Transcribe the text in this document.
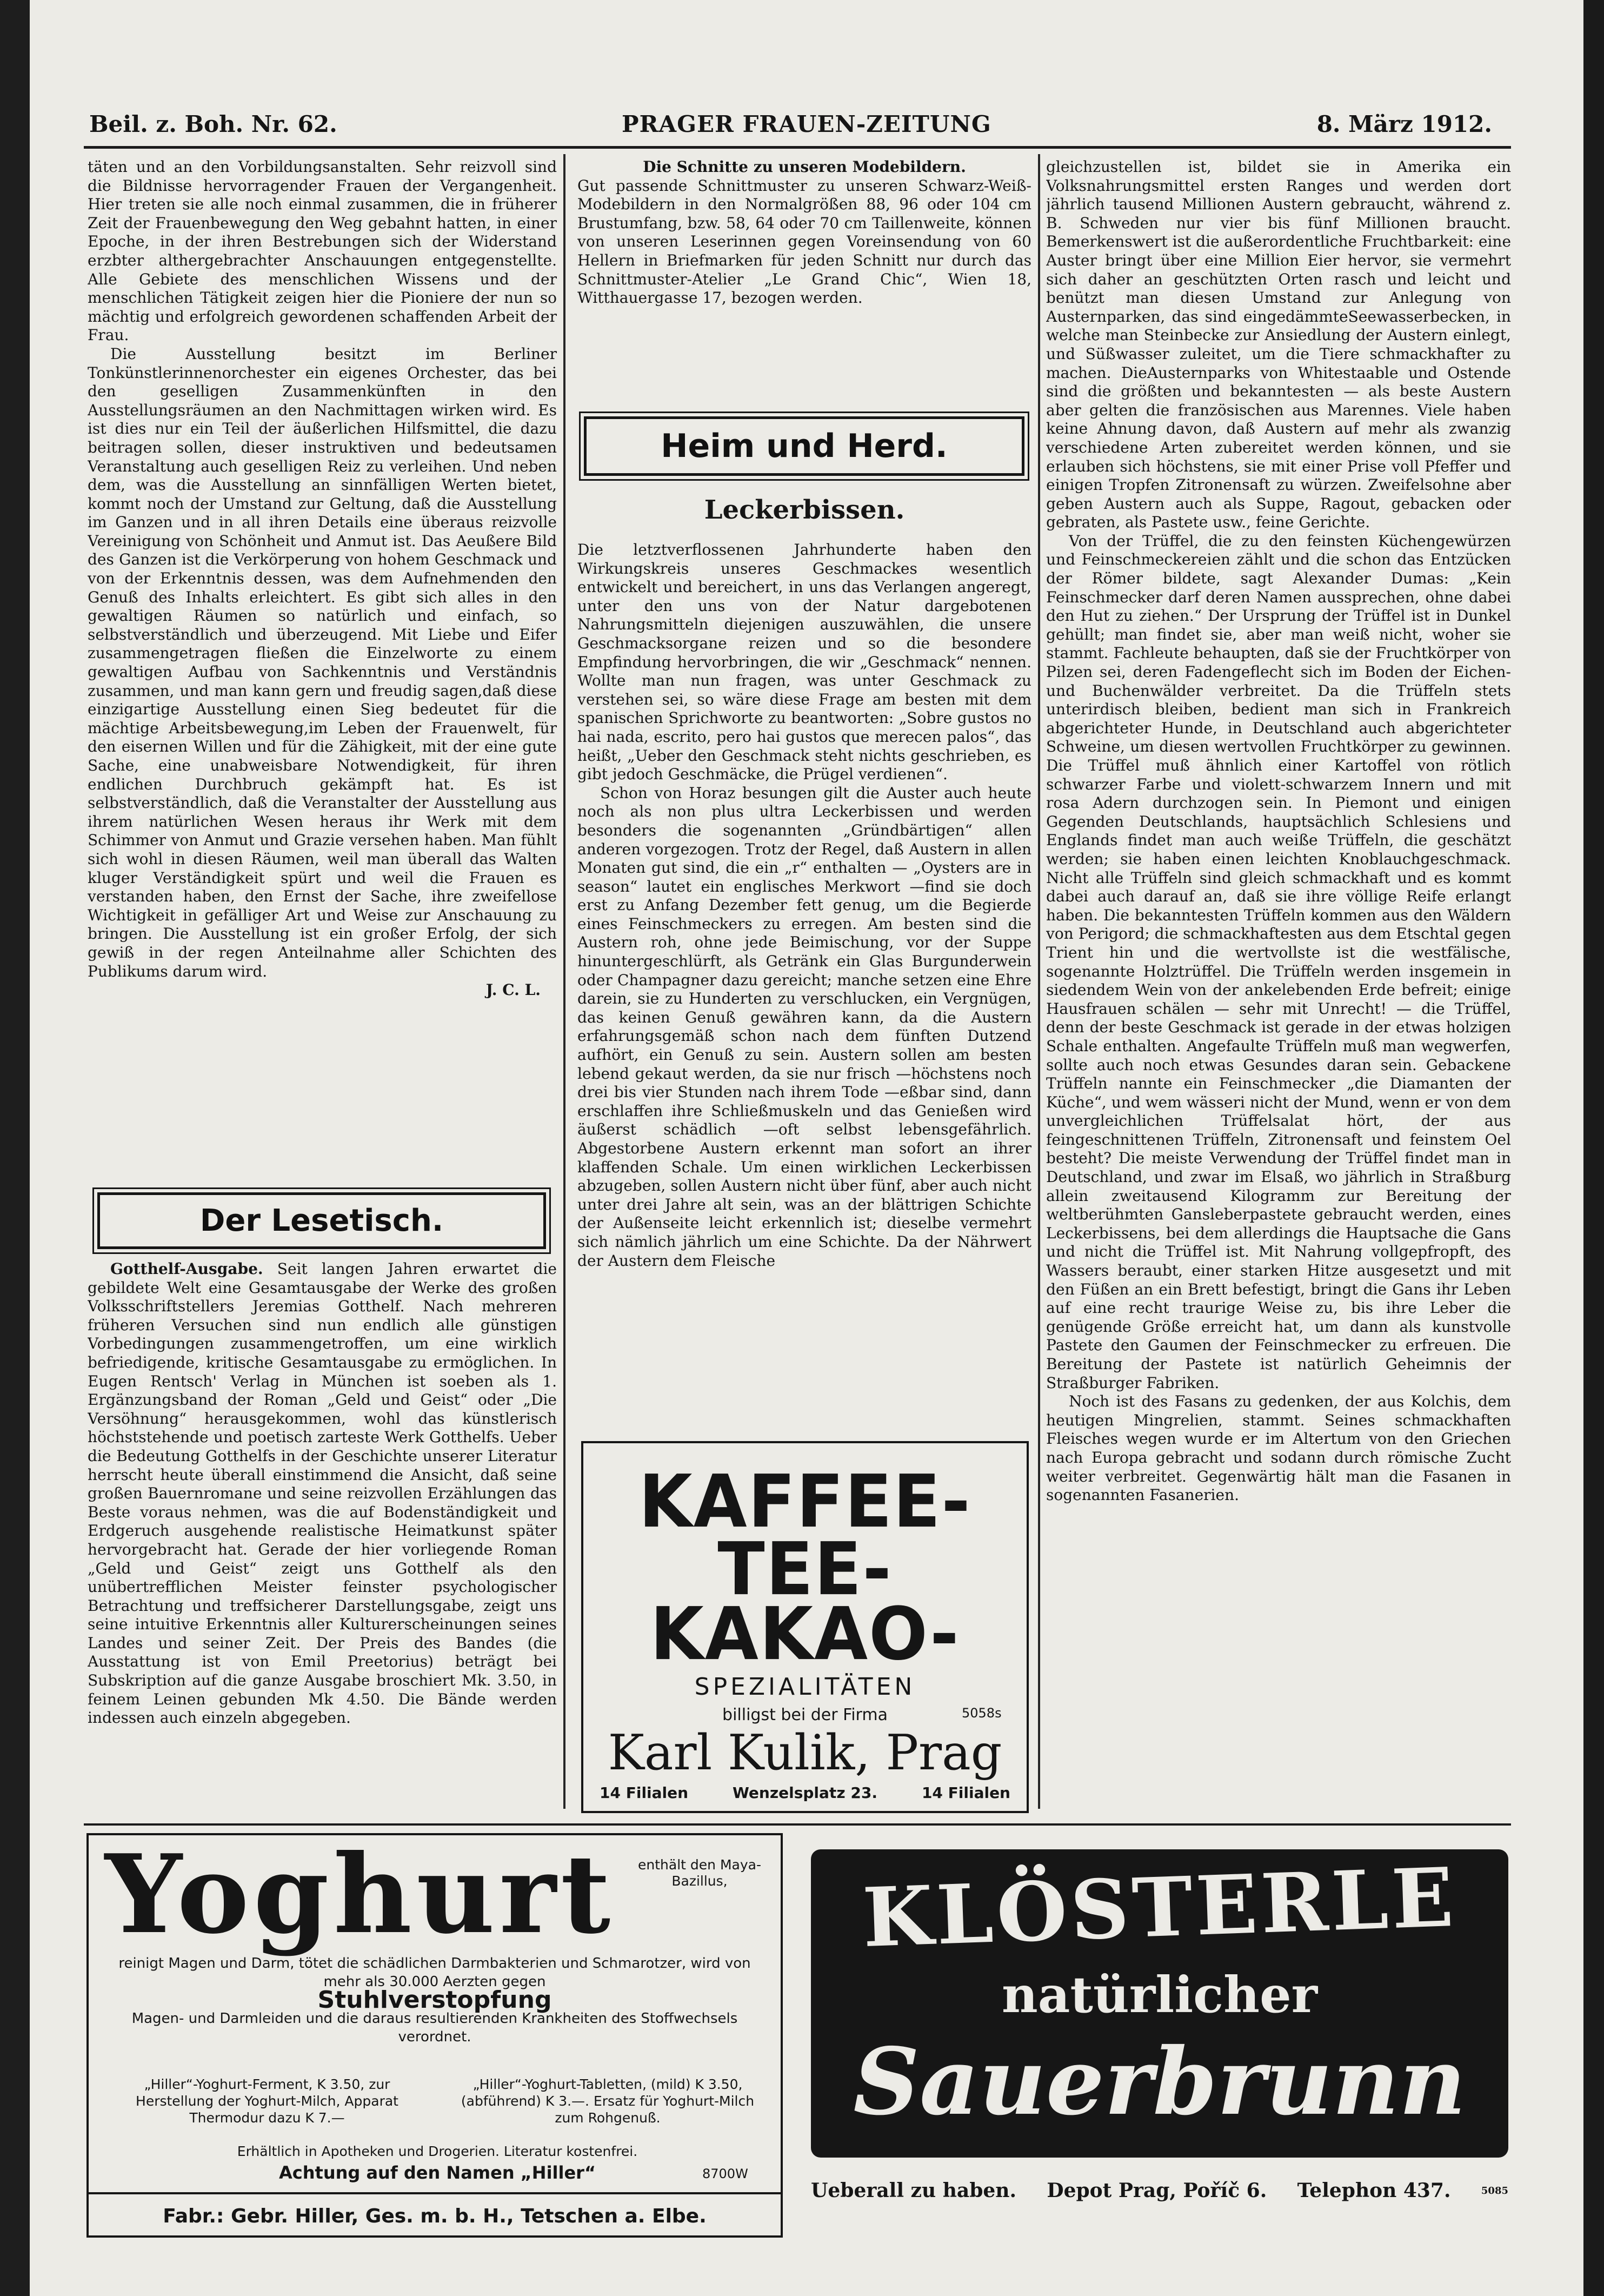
Beil. z. Boh. Nr. 62.	PRAGER FRAUEN-ZEITUNG	8. März 1912.

täten und an den Vorbildungsanstalten. Sehr reizvoll sind die Bildnisse hervorragender Frauen der Vergangenheit. Hier treten sie alle noch einmal zusammen, die in früherer Zeit der Frauenbewegung den Weg gebahnt hatten, in einer Epoche, in der ihren Bestrebungen sich der Widerstand erzbter althergebrachter Anschauungen entgegenstellte. Alle Gebiete des menschlichen Wissens und der menschlichen Tätigkeit zeigen hier die Pioniere der nun so mächtig und erfolgreich gewordenen schaffenden Arbeit der Frau.

Die Ausstellung besitzt im Berliner Tonkünstlerinnenorchester ein eigenes Orchester, das bei den geselligen Zusammenkünften in den Ausstellungsräumen an den Nachmittagen wirken wird. Es ist dies nur ein Teil der äußerlichen Hilfsmittel, die dazu beitragen sollen, dieser instruktiven und bedeutsamen Veranstaltung auch geselligen Reiz zu verleihen. Und neben dem, was die Ausstellung an sinnfälligen Werten bietet, kommt noch der Umstand zur Geltung, daß die Ausstellung im Ganzen und in all ihren Details eine überaus reizvolle Vereinigung von Schönheit und Anmut ist. Das Aeußere Bild des Ganzen ist die Verkörperung von hohem Geschmack und von der Erkenntnis dessen, was dem Aufnehmenden den Genuß des Inhalts erleichtert. Es gibt sich alles in den gewaltigen Räumen so natürlich und einfach, so selbstverständlich und überzeugend. Mit Liebe und Eifer zusammengetragen fließen die Einzelworte zu einem gewaltigen Aufbau von Sachkenntnis und Verständnis zusammen, und man kann gern und freudig sagen,daß diese einzigartige Ausstellung einen Sieg bedeutet für die mächtige Arbeitsbewegung,im Leben der Frauenwelt, für den eisernen Willen und für die Zähigkeit, mit der eine gute Sache, eine unabweisbare Notwendigkeit, für ihren endlichen Durchbruch gekämpft hat. Es ist selbstverständlich, daß die Veranstalter der Ausstellung aus ihrem natürlichen Wesen heraus ihr Werk mit dem Schimmer von Anmut und Grazie versehen haben. Man fühlt sich wohl in diesen Räumen, weil man überall das Walten kluger Verständigkeit spürt und weil die Frauen es verstanden haben, den Ernst der Sache, ihre zweifellose Wichtigkeit in gefälliger Art und Weise zur Anschauung zu bringen. Die Ausstellung ist ein großer Erfolg, der sich gewiß in der regen Anteilnahme aller Schichten des Publikums darum wird.

J. C. L.
Der Lesetisch.

Gotthelf-Ausgabe. Seit langen Jahren erwartet die gebildete Welt eine Gesamtausgabe der Werke des großen Volksschriftstellers Jeremias Gotthelf. Nach mehreren früheren Versuchen sind nun endlich alle günstigen Vorbedingungen zusammengetroffen, um eine wirklich befriedigende, kritische Gesamtausgabe zu ermöglichen. In Eugen Rentsch' Verlag in München ist soeben als 1. Ergänzungsband der Roman „Geld und Geist“ oder „Die Versöhnung“ herausgekommen, wohl das künstlerisch höchststehende und poetisch zarteste Werk Gotthelfs. Ueber die Bedeutung Gotthelfs in der Geschichte unserer Literatur herrscht heute überall einstimmend die Ansicht, daß seine großen Bauernromane und seine reizvollen Erzählungen das Beste voraus nehmen, was die auf Bodenständigkeit und Erdgeruch ausgehende realistische Heimatkunst später hervorgebracht hat. Gerade der hier vorliegende Roman „Geld und Geist“ zeigt uns Gotthelf als den unübertrefflichen Meister feinster psychologischer Betrachtung und treffsicherer Darstellungsgabe, zeigt uns seine intuitive Erkenntnis aller Kulturerscheinungen seines Landes und seiner Zeit. Der Preis des Bandes (die Ausstattung ist von Emil Preetorius) beträgt bei Subskription auf die ganze Ausgabe broschiert Mk. 3.50, in feinem Leinen gebunden Mk 4.50. Die Bände werden indessen auch einzeln abgegeben.

Die Schnitte zu unseren Modebildern.

Gut passende Schnittmuster zu unseren Schwarz-Weiß-Modebildern in den Normalgrößen 88, 96 oder 104 cm Brustumfang, bzw. 58, 64 oder 70 cm Taillenweite, können von unseren Leserinnen gegen Voreinsendung von 60 Hellern in Briefmarken für jeden Schnitt nur durch das Schnittmuster-Atelier „Le Grand Chic“, Wien 18, Witthauergasse 17, bezogen werden.

Heim und Herd.
Leckerbissen.

Die letztverflossenen Jahrhunderte haben den Wirkungskreis unseres Geschmackes wesentlich entwickelt und bereichert, in uns das Verlangen angeregt, unter den uns von der Natur dargebotenen Nahrungsmitteln diejenigen auszuwählen, die unsere Geschmacksorgane reizen und so die besondere Empfindung hervorbringen, die wir „Geschmack“ nennen. Wollte man nun fragen, was unter Geschmack zu verstehen sei, so wäre diese Frage am besten mit dem spanischen Sprichworte zu beantworten: „Sobre gustos no hai nada, escrito, pero hai gustos que merecen palos“, das heißt, „Ueber den Geschmack steht nichts geschrieben, es gibt jedoch Geschmäcke, die Prügel verdienen“.

Schon von Horaz besungen gilt die Auster auch heute noch als non plus ultra Leckerbissen und werden besonders die sogenannten „Gründbärtigen“ allen anderen vorgezogen. Trotz der Regel, daß Austern in allen Monaten gut sind, die ein „r“ enthalten — „Oysters are in season“ lautet ein englisches Merkwort —find sie doch erst zu Anfang Dezember fett genug, um die Begierde eines Feinschmeckers zu erregen. Am besten sind die Austern roh, ohne jede Beimischung, vor der Suppe hinuntergeschlürft, als Getränk ein Glas Burgunderwein oder Champagner dazu gereicht; manche setzen eine Ehre darein, sie zu Hunderten zu verschlucken, ein Vergnügen, das keinen Genuß gewähren kann, da die Austern erfahrungsgemäß schon nach dem fünften Dutzend aufhört, ein Genuß zu sein. Austern sollen am besten lebend gekaut werden, da sie nur frisch —höchstens noch drei bis vier Stunden nach ihrem Tode —eßbar sind, dann erschlaffen ihre Schließmuskeln und das Genießen wird äußerst schädlich —oft selbst lebensgefährlich. Abgestorbene Austern erkennt man sofort an ihrer klaffenden Schale. Um einen wirklichen Leckerbissen abzugeben, sollen Austern nicht über fünf, aber auch nicht unter drei Jahre alt sein, was an der blättrigen Schichte der Außenseite leicht erkennlich ist; dieselbe vermehrt sich nämlich jährlich um eine Schichte. Da der Nährwert der Austern dem Fleische

gleichzustellen ist, bildet sie in Amerika ein Volksnahrungsmittel ersten Ranges und werden dort jährlich tausend Millionen Austern gebraucht, während z. B. Schweden nur vier bis fünf Millionen braucht. Bemerkenswert ist die außerordentliche Fruchtbarkeit: eine Auster bringt über eine Million Eier hervor, sie vermehrt sich daher an geschützten Orten rasch und leicht und benützt man diesen Umstand zur Anlegung von Austernparken, das sind eingedämmteSeewasserbecken, in welche man Steinbecke zur Ansiedlung der Austern einlegt, und Süßwasser zuleitet, um die Tiere schmackhafter zu machen. DieAusternparks von Whitestaable und Ostende sind die größten und bekanntesten — als beste Austern aber gelten die französischen aus Marennes. Viele haben keine Ahnung davon, daß Austern auf mehr als zwanzig verschiedene Arten zubereitet werden können, und sie erlauben sich höchstens, sie mit einer Prise voll Pfeffer und einigen Tropfen Zitronensaft zu würzen. Zweifelsohne aber geben Austern auch als Suppe, Ragout, gebacken oder gebraten, als Pastete usw., feine Gerichte.

Von der Trüffel, die zu den feinsten Küchengewürzen und Feinschmeckereien zählt und die schon das Entzücken der Römer bildete, sagt Alexander Dumas: „Kein Feinschmecker darf deren Namen aussprechen, ohne dabei den Hut zu ziehen.“ Der Ursprung der Trüffel ist in Dunkel gehüllt; man findet sie, aber man weiß nicht, woher sie stammt. Fachleute behaupten, daß sie der Fruchtkörper von Pilzen sei, deren Fadengeflecht sich im Boden der Eichen- und Buchenwälder verbreitet. Da die Trüffeln stets unterirdisch bleiben, bedient man sich in Frankreich abgerichteter Hunde, in Deutschland auch abgerichteter Schweine, um diesen wertvollen Fruchtkörper zu gewinnen. Die Trüffel muß ähnlich einer Kartoffel von rötlich schwarzer Farbe und violett-schwarzem Innern und mit rosa Adern durchzogen sein. In Piemont und einigen Gegenden Deutschlands, hauptsächlich Schlesiens und Englands findet man auch weiße Trüffeln, die geschätzt werden; sie haben einen leichten Knoblauchgeschmack. Nicht alle Trüffeln sind gleich schmackhaft und es kommt dabei auch darauf an, daß sie ihre völlige Reife erlangt haben. Die bekanntesten Trüffeln kommen aus den Wäldern von Perigord; die schmackhaftesten aus dem Etschtal gegen Trient hin und die wertvollste ist die westfälische, sogenannte Holztrüffel. Die Trüffeln werden insgemein in siedendem Wein von der ankelebenden Erde befreit; einige Hausfrauen schälen — sehr mit Unrecht! — die Trüffel, denn der beste Geschmack ist gerade in der etwas holzigen Schale enthalten. Angefaulte Trüffeln muß man wegwerfen, sollte auch noch etwas Gesundes daran sein. Gebackene Trüffeln nannte ein Feinschmecker „die Diamanten der Küche“, und wem wässeri nicht der Mund, wenn er von dem unvergleichlichen Trüffelsalat hört, der aus feingeschnittenen Trüffeln, Zitronensaft und feinstem Oel besteht? Die meiste Verwendung der Trüffel findet man in Deutschland, und zwar im Elsaß, wo jährlich in Straßburg allein zweitausend Kilogramm zur Bereitung der weltberühmten Gansleberpastete gebraucht werden, eines Leckerbissens, bei dem allerdings die Hauptsache die Gans und nicht die Trüffel ist. Mit Nahrung vollgepfropft, des Wassers beraubt, einer starken Hitze ausgesetzt und mit den Füßen an ein Brett befestigt, bringt die Gans ihr Leben auf eine recht traurige Weise zu, bis ihre Leber die genügende Größe erreicht hat, um dann als kunstvolle Pastete den Gaumen der Feinschmecker zu erfreuen. Die Bereitung der Pastete ist natürlich Geheimnis der Straßburger Fabriken.

Noch ist des Fasans zu gedenken, der aus Kolchis, dem heutigen Mingrelien, stammt. Seines schmackhaften Fleisches wegen wurde er im Altertum von den Griechen nach Europa gebracht und sodann durch römische Zucht weiter verbreitet. Gegenwärtig hält man die Fasanen in sogenannten Fasanerien.

KAFFEE-
TEE-
KAKAO-
SPEZIALITÄTEN
billigst bei der Firma	5058s
Karl Kulik, Prag
14 Filialen	Wenzelsplatz 23.	14 Filialen
Yoghurt	enthält den Maya-Bazillus,
reinigt Magen und Darm, tötet die schädlichen Darmbakterien und Schmarotzer, wird von mehr als 30.000 Aerzten gegen
Stuhlverstopfung
Magen- und Darmleiden und die daraus resultierenden Krankheiten des Stoffwechsels verordnet.
„Hiller“-Yoghurt-Ferment, K 3.50, zur Herstellung der Yoghurt-Milch, Apparat Thermodur dazu K 7.—
„Hiller“-Yoghurt-Tabletten, (mild) K 3.50, (abführend) K 3.—. Ersatz für Yoghurt-Milch zum Rohgenuß.
Erhältlich in Apotheken und Drogerien. Literatur kostenfrei.
Achtung auf den Namen „Hiller“	8700W
Fabr.: Gebr. Hiller, Ges. m. b. H., Tetschen a. Elbe.
KLÖSTERLE
natürlicher
Sauerbrunn
Ueberall zu haben. Depot Prag, Poříč 6. Telephon 437.	5085
